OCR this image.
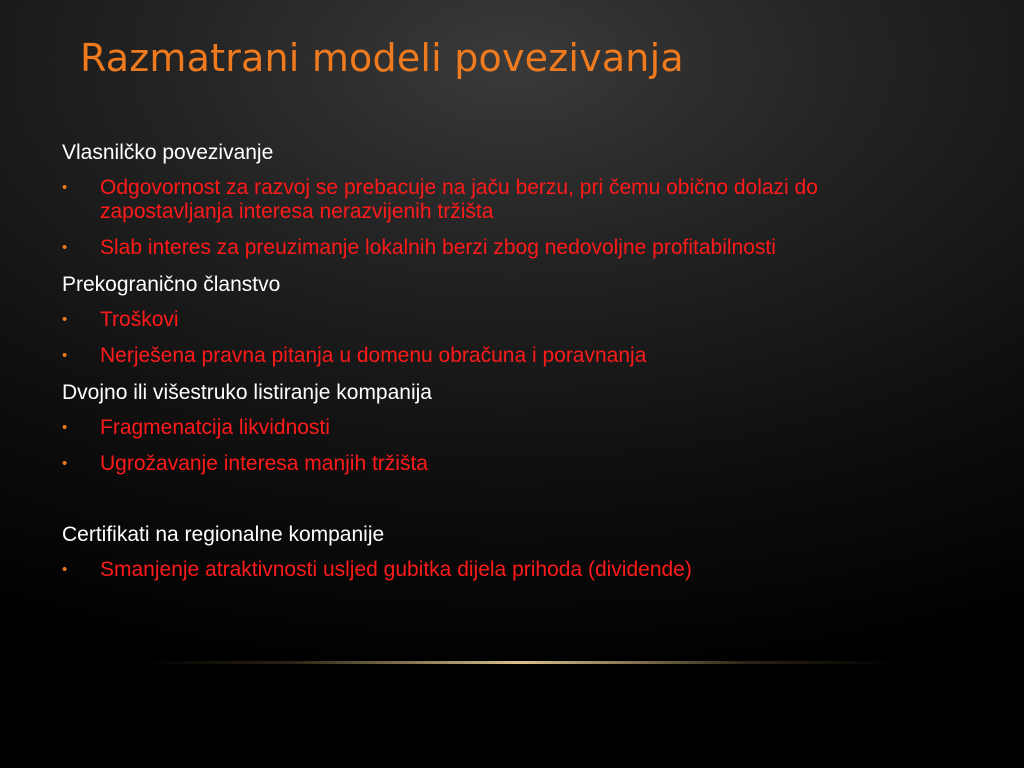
Razmatrani modeli povezivanja
Vlasnilčko povezivanje
• Odgovornost za razvoj se prebacuje na jaču berzu, pri čemu obično dolazi do zapostavljanja interesa nerazvijenih tržišta
• Slab interes za preuzimanje lokalnih berzi zbog nedovoljne profitabilnosti
Prekogranično članstvo
• Troškovi
• Nerješena pravna pitanja u domenu obračuna i poravnanja
Dvojno ili višestruko listiranje kompanija
• Fragmenatcija likvidnosti
• Ugrožavanje interesa manjih tržišta
Certifikati na regionalne kompanije
• Smanjenje atraktivnosti usljed gubitka dijela prihoda (dividende)
